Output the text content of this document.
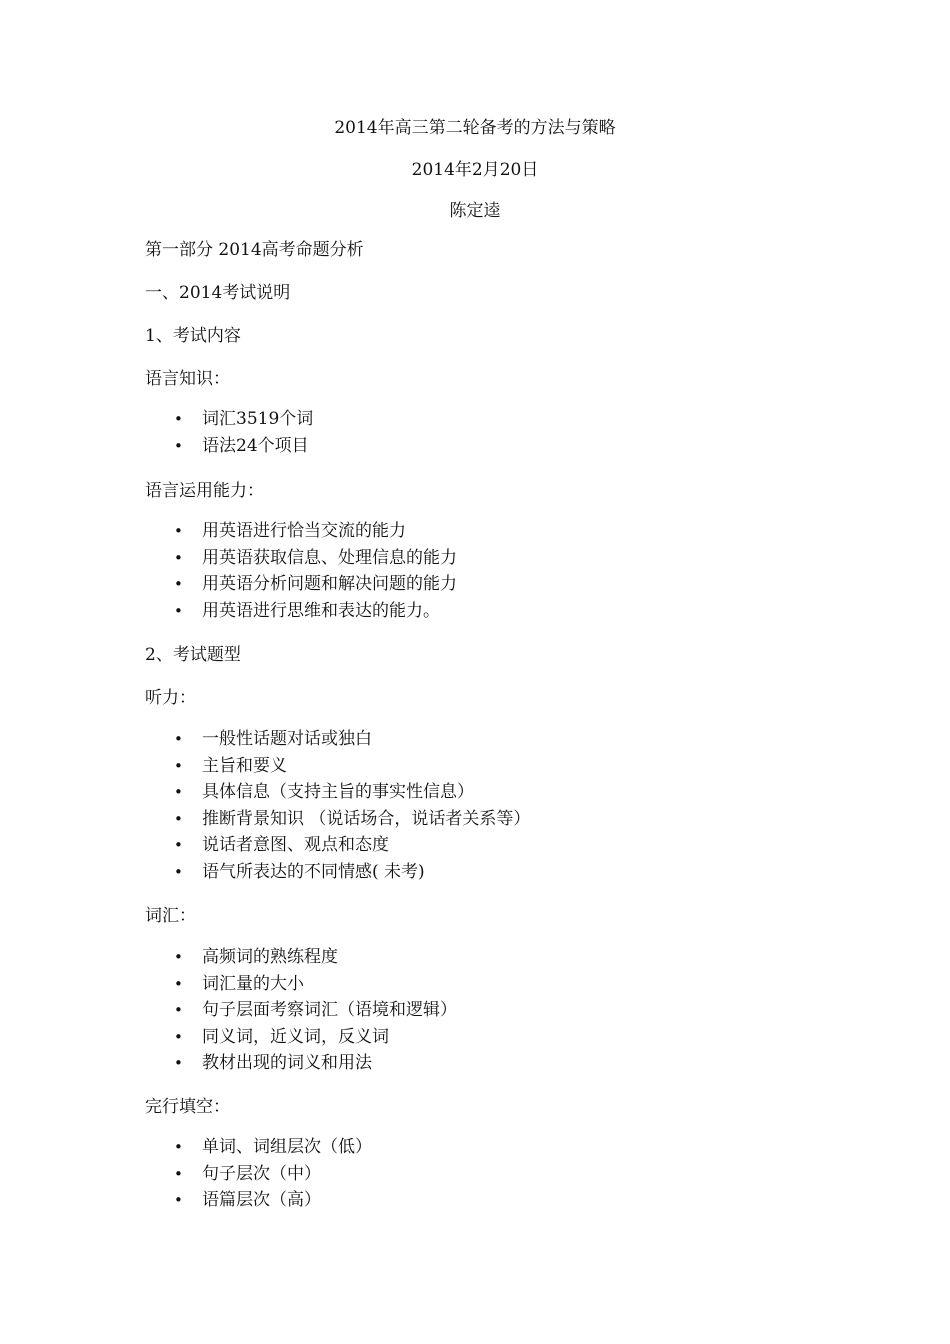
2014年高三第二轮备考的方法与策略
2014年2月20日
陈定逵
第一部分 2014高考命题分析
一、2014考试说明
1、考试内容
语言知识：
• 词汇3519个词
• 语法24个项目
语言运用能力：
• 用英语进行恰当交流的能力
• 用英语获取信息、处理信息的能力
• 用英语分析问题和解决问题的能力
• 用英语进行思维和表达的能力。
2、考试题型
听力：
• 一般性话题对话或独白
• 主旨和要义
• 具体信息（支持主旨的事实性信息）
• 推断背景知识 （说话场合，说话者关系等）
• 说话者意图、观点和态度
• 语气所表达的不同情感( 未考)
词汇：
• 高频词的熟练程度
• 词汇量的大小
• 句子层面考察词汇（语境和逻辑）
• 同义词，近义词，反义词
• 教材出现的词义和用法
完行填空：
• 单词、词组层次（低）
• 句子层次（中）
• 语篇层次（高）
